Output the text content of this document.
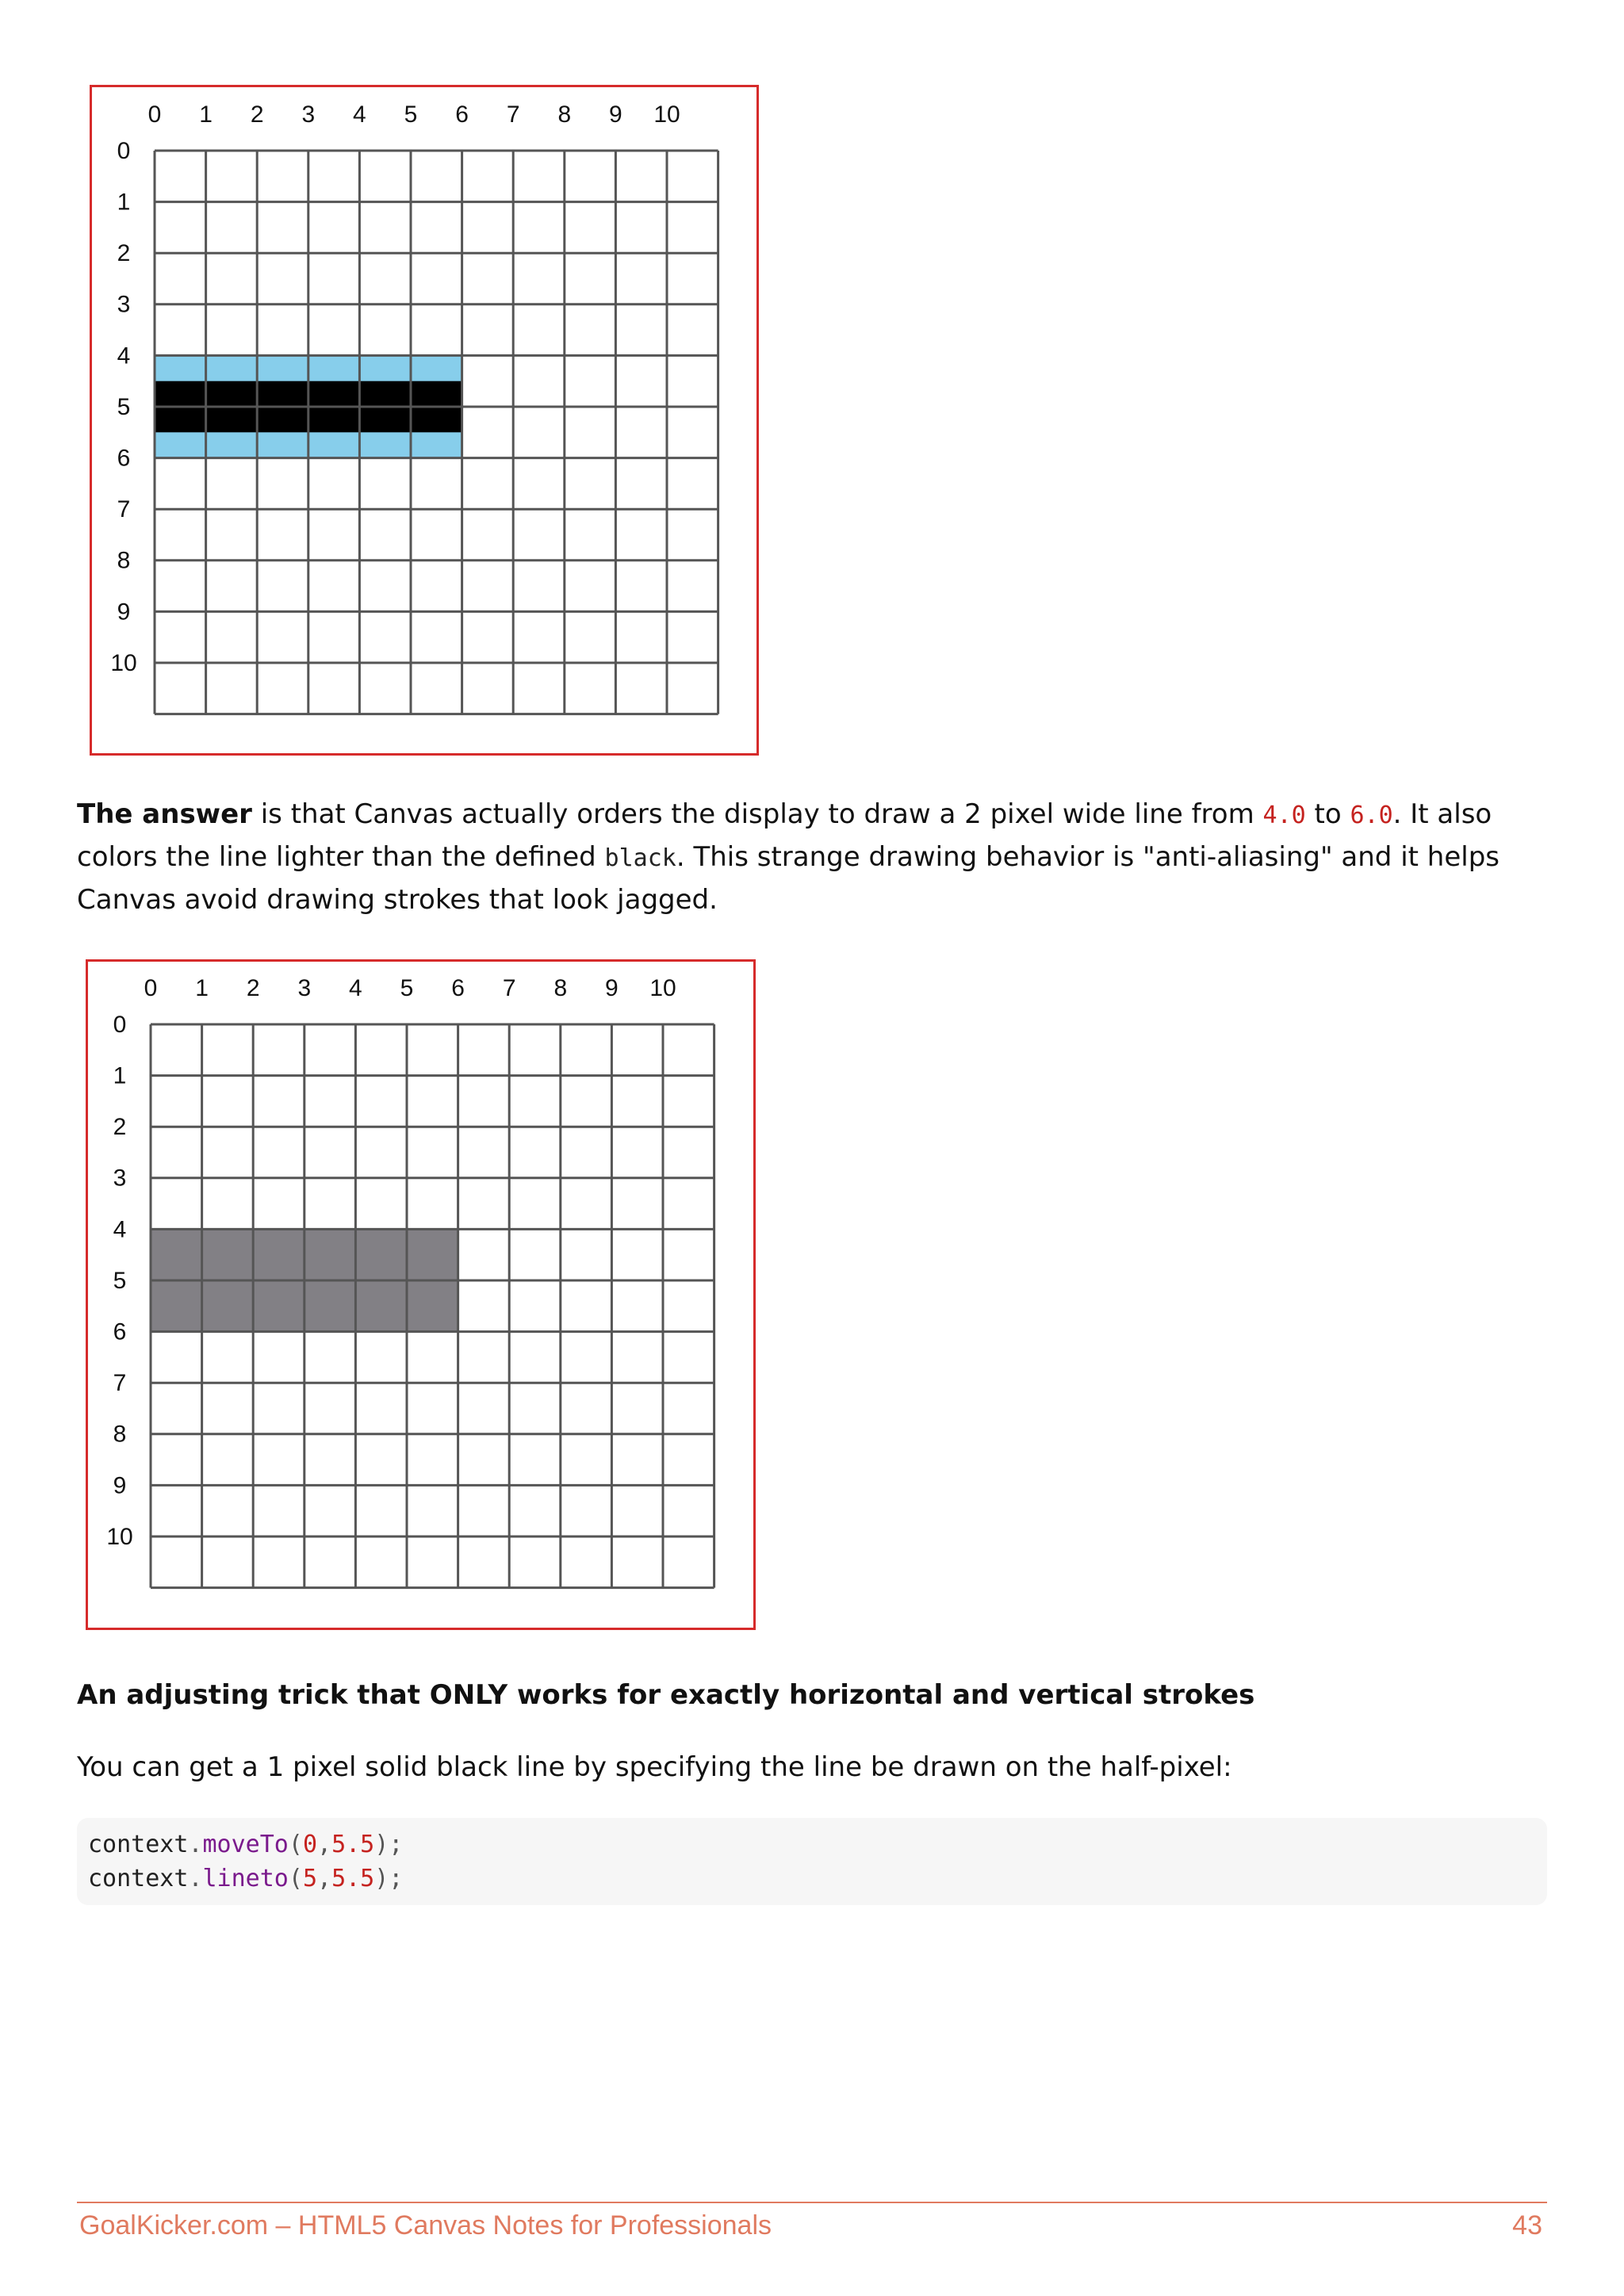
0 1 2 3 4 5 6 7 8 9 10
0
1
2
3
4
5
6
7
8
9
10

The answer is that Canvas actually orders the display to draw a 2 pixel wide line from 4.0 to 6.0. It also colors the line lighter than the defined black. This strange drawing behavior is "anti-aliasing" and it helps Canvas avoid drawing strokes that look jagged.

0 1 2 3 4 5 6 7 8 9 10
0
1
2
3
4
5
6
7
8
9
10

An adjusting trick that ONLY works for exactly horizontal and vertical strokes

You can get a 1 pixel solid black line by specifying the line be drawn on the half-pixel:

context.moveTo(0,5.5);
context.lineto(5,5.5);
GoalKicker.com – HTML5 Canvas Notes for Professionals	43
